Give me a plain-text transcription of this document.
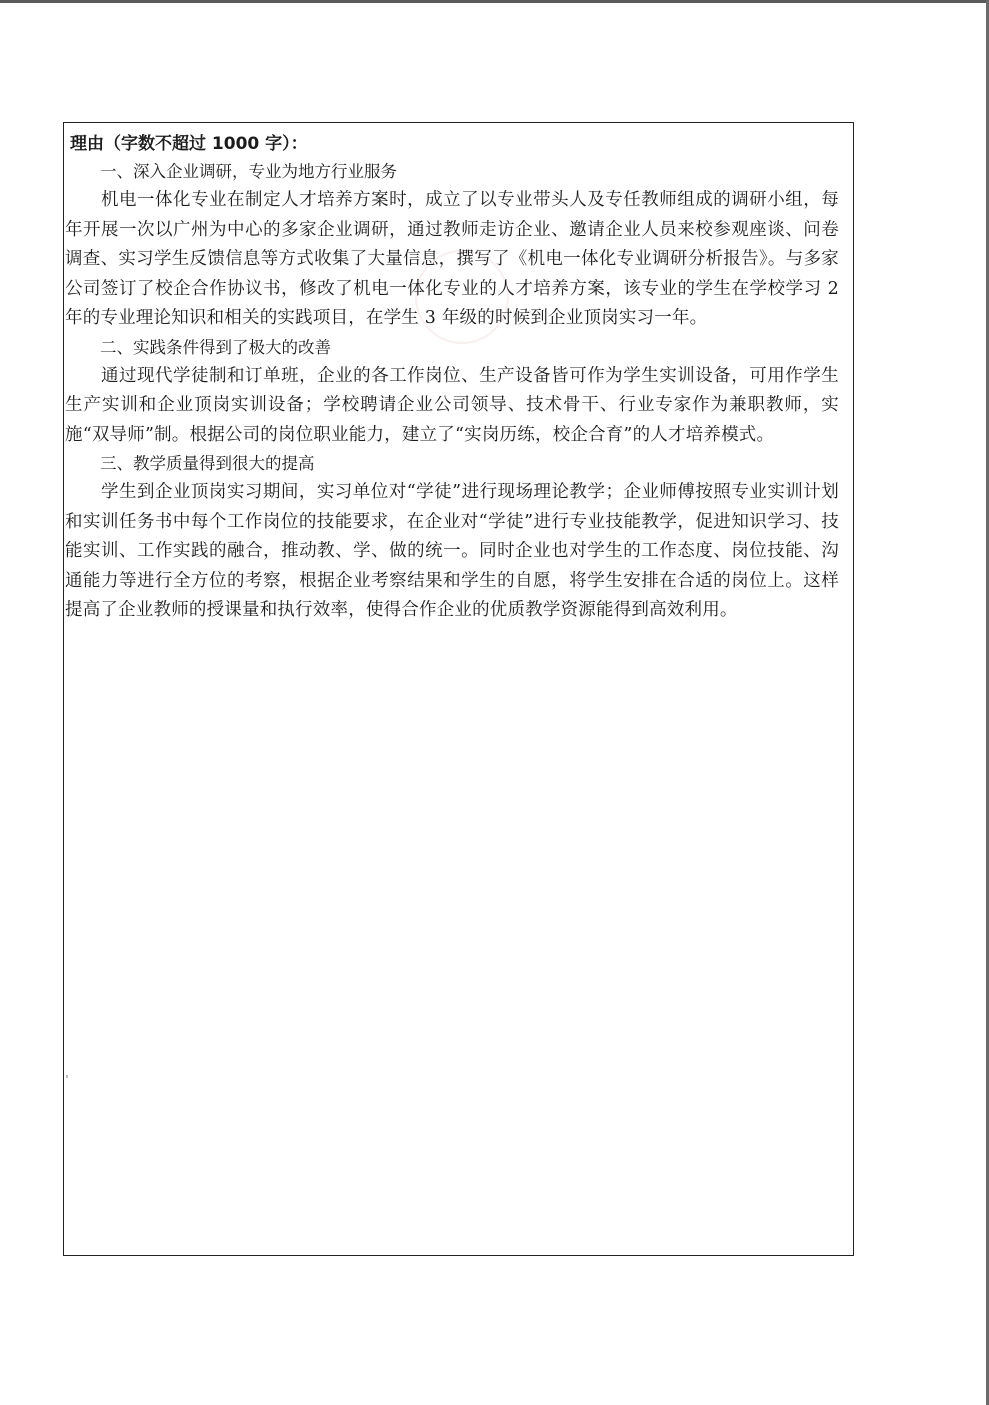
理由（字数不超过 1000 字）：

一、深入企业调研，专业为地方行业服务

机电一体化专业在制定人才培养方案时，成立了以专业带头人及专任教师组成的调研小组，每年开展一次以广州为中心的多家企业调研，通过教师走访企业、邀请企业人员来校参观座谈、问卷调查、实习学生反馈信息等方式收集了大量信息，撰写了《机电一体化专业调研分析报告》。与多家公司签订了校企合作协议书，修改了机电一体化专业的人才培养方案，该专业的学生在学校学习 2 年的专业理论知识和相关的实践项目，在学生 3 年级的时候到企业顶岗实习一年。

二、实践条件得到了极大的改善

通过现代学徒制和订单班，企业的各工作岗位、生产设备皆可作为学生实训设备，可用作学生生产实训和企业顶岗实训设备；学校聘请企业公司领导、技术骨干、行业专家作为兼职教师，实施“双导师”制。根据公司的岗位职业能力，建立了“实岗历练，校企合育”的人才培养模式。

三、教学质量得到很大的提高

学生到企业顶岗实习期间，实习单位对“学徒”进行现场理论教学；企业师傅按照专业实训计划和实训任务书中每个工作岗位的技能要求，在企业对“学徒”进行专业技能教学，促进知识学习、技能实训、工作实践的融合，推动教、学、做的统一。同时企业也对学生的工作态度、岗位技能、沟通能力等进行全方位的考察，根据企业考察结果和学生的自愿，将学生安排在合适的岗位上。这样提高了企业教师的授课量和执行效率，使得合作企业的优质教学资源能得到高效利用。
